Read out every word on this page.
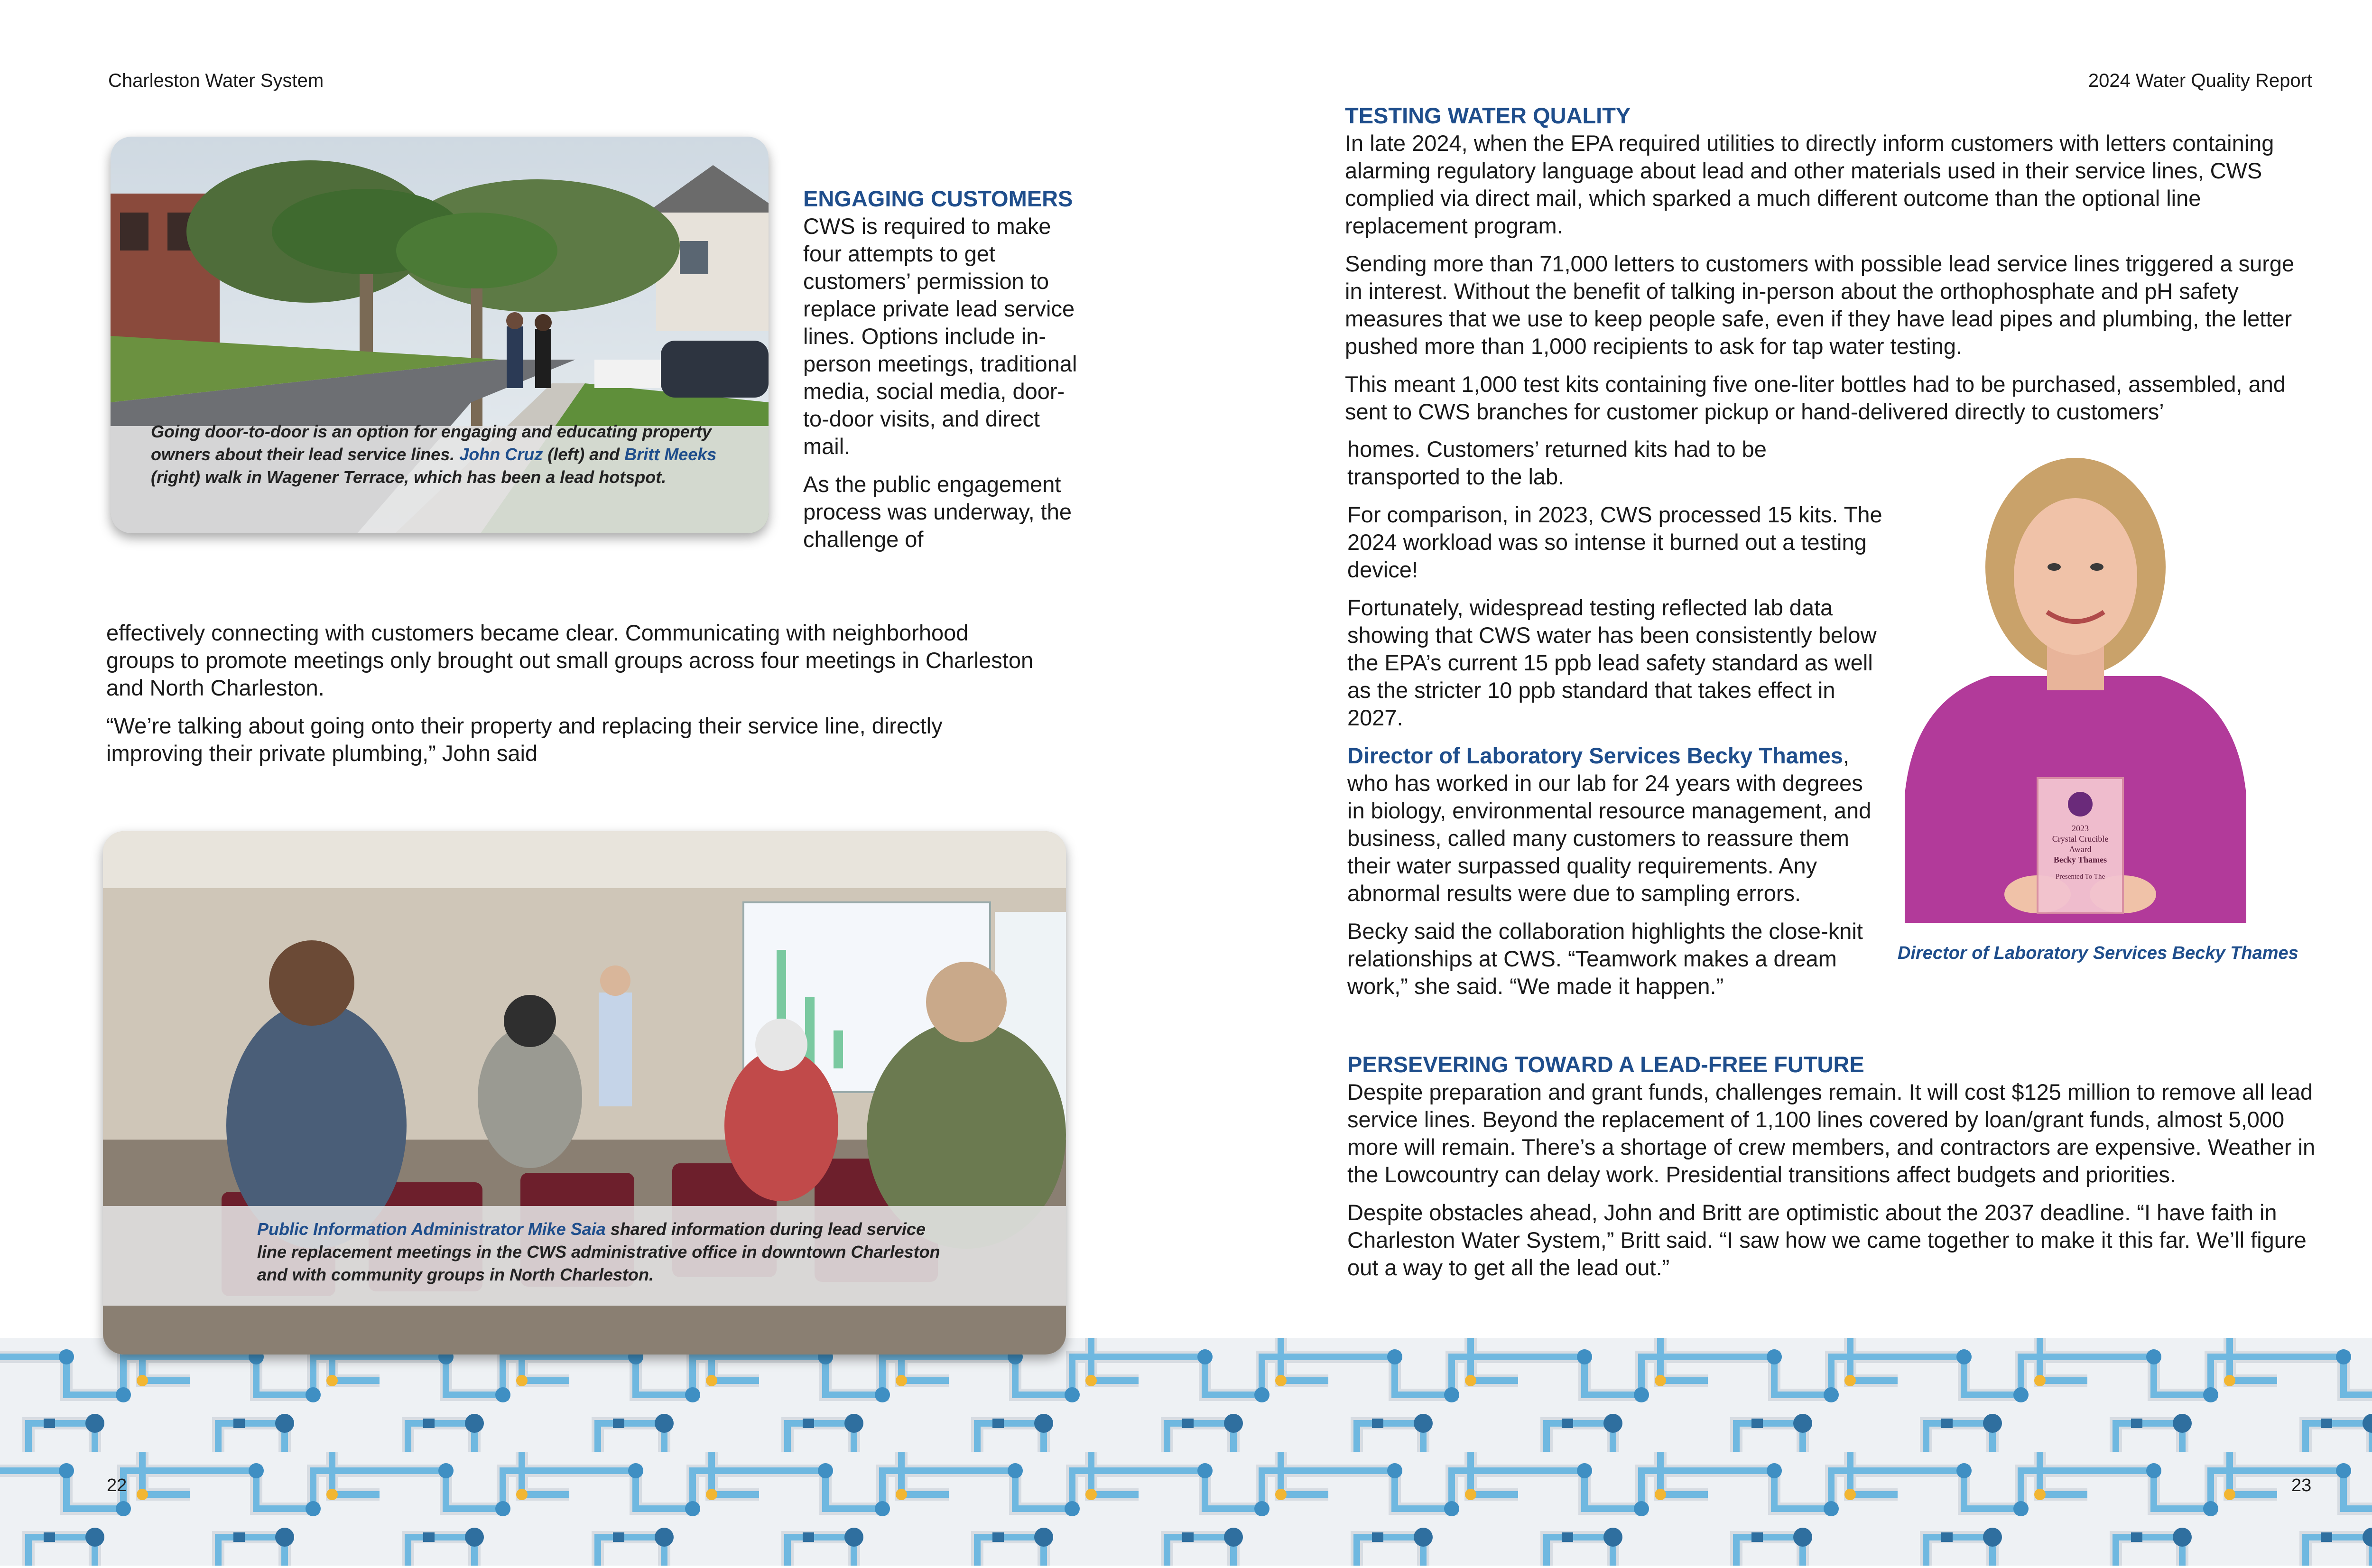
Charleston Water System	2024 Water Quality Report
Going door-to-door is an option for engaging and educating property owners about their lead service lines. John Cruz (left) and Britt Meeks (right) walk in Wagener Terrace, which has been a lead hotspot.
ENGAGING CUSTOMERS

CWS is required to make four attempts to get customers’ permission to replace private lead service lines. Options include in-person meetings, traditional media, social media, door-to-door visits, and direct mail.

As the public engagement process was underway, the challenge of

effectively connecting with customers became clear. Communicating with neighborhood groups to promote meetings only brought out small groups across four meetings in Charleston and North Charleston.

“We’re talking about going onto their property and replacing their service line, directly improving their private plumbing,” John said

Public Information Administrator Mike Saia shared information during lead service line replacement meetings in the CWS administrative office in downtown Charleston and with community groups in North Charleston.
TESTING WATER QUALITY

In late 2024, when the EPA required utilities to directly inform customers with letters containing alarming regulatory language about lead and other materials used in their service lines, CWS complied via direct mail, which sparked a much different outcome than the optional line replacement program.

Sending more than 71,000 letters to customers with possible lead service lines triggered a surge in interest. Without the benefit of talking in-person about the orthophosphate and pH safety measures that we use to keep people safe, even if they have lead pipes and plumbing, the letter pushed more than 1,000 recipients to ask for tap water testing.

This meant 1,000 test kits containing five one-liter bottles had to be purchased, assembled, and sent to CWS branches for customer pickup or hand-delivered directly to customers’

homes. Customers’ returned kits had to be transported to the lab.

For comparison, in 2023, CWS processed 15 kits. The 2024 workload was so intense it burned out a testing device!

Fortunately, widespread testing reflected lab data showing that CWS water has been consistently below the EPA’s current 15 ppb lead safety standard as well as the stricter 10 ppb standard that takes effect in 2027.

Director of Laboratory Services Becky Thames, who has worked in our lab for 24 years with degrees in biology, environmental resource management, and business, called many customers to reassure them their water surpassed quality requirements. Any abnormal results were due to sampling errors.

Becky said the collaboration highlights the close-knit relationships at CWS. “Teamwork makes a dream work,” she said. “We made it happen.”

2023
Crystal Crucible
Award
Becky Thames
Presented To The
Director of Laboratory Services Becky Thames
PERSEVERING TOWARD A LEAD-FREE FUTURE

Despite preparation and grant funds, challenges remain. It will cost $125 million to remove all lead service lines. Beyond the replacement of 1,100 lines covered by loan/grant funds, almost 5,000 more will remain. There’s a shortage of crew members, and contractors are expensive. Weather in the Lowcountry can delay work. Presidential transitions affect budgets and priorities.

Despite obstacles ahead, John and Britt are optimistic about the 2037 deadline. “I have faith in Charleston Water System,” Britt said. “I saw how we came together to make it this far. We’ll figure out a way to get all the lead out.”

22	23
